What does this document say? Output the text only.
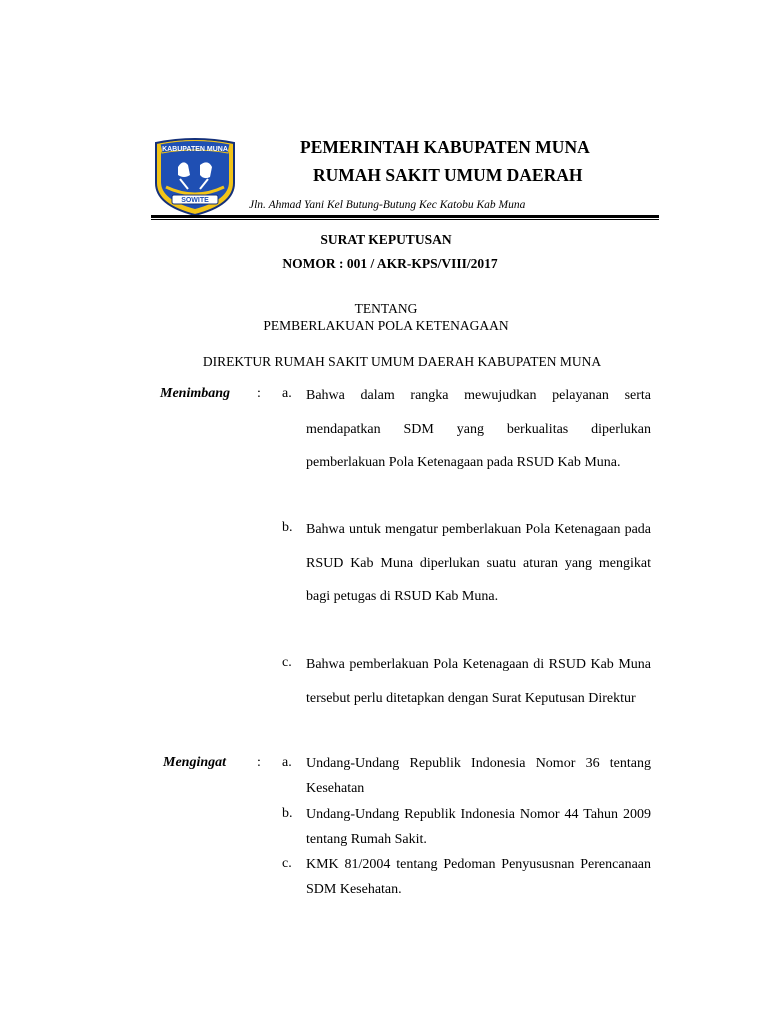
KABUPATEN MUNA
SOWITE
PEMERINTAH KABUPATEN MUNA
RUMAH SAKIT UMUM DAERAH
Jln. Ahmad Yani Kel Butung-Butung Kec Katobu Kab Muna
SURAT KEPUTUSAN
NOMOR : 001 / AKR-KPS/VIII/2017
TENTANG
PEMBERLAKUAN POLA KETENAGAAN
DIREKTUR RUMAH SAKIT UMUM DAERAH KABUPATEN MUNA
Menimbang : a. Bahwa dalam rangka mewujudkan pelayanan serta mendapatkan SDM yang berkualitas diperlukan pemberlakuan Pola Ketenagaan pada RSUD Kab Muna.
b. Bahwa untuk mengatur pemberlakuan Pola Ketenagaan pada RSUD Kab Muna diperlukan suatu aturan yang mengikat bagi petugas di RSUD Kab Muna.
c. Bahwa pemberlakuan Pola Ketenagaan di RSUD Kab Muna tersebut perlu ditetapkan dengan Surat Keputusan Direktur
Mengingat : a. Undang-Undang Republik Indonesia Nomor 36 tentang Kesehatan
b. Undang-Undang Republik Indonesia Nomor 44 Tahun 2009 tentang Rumah Sakit.
c. KMK 81/2004 tentang Pedoman Penyususnan Perencanaan SDM Kesehatan.
